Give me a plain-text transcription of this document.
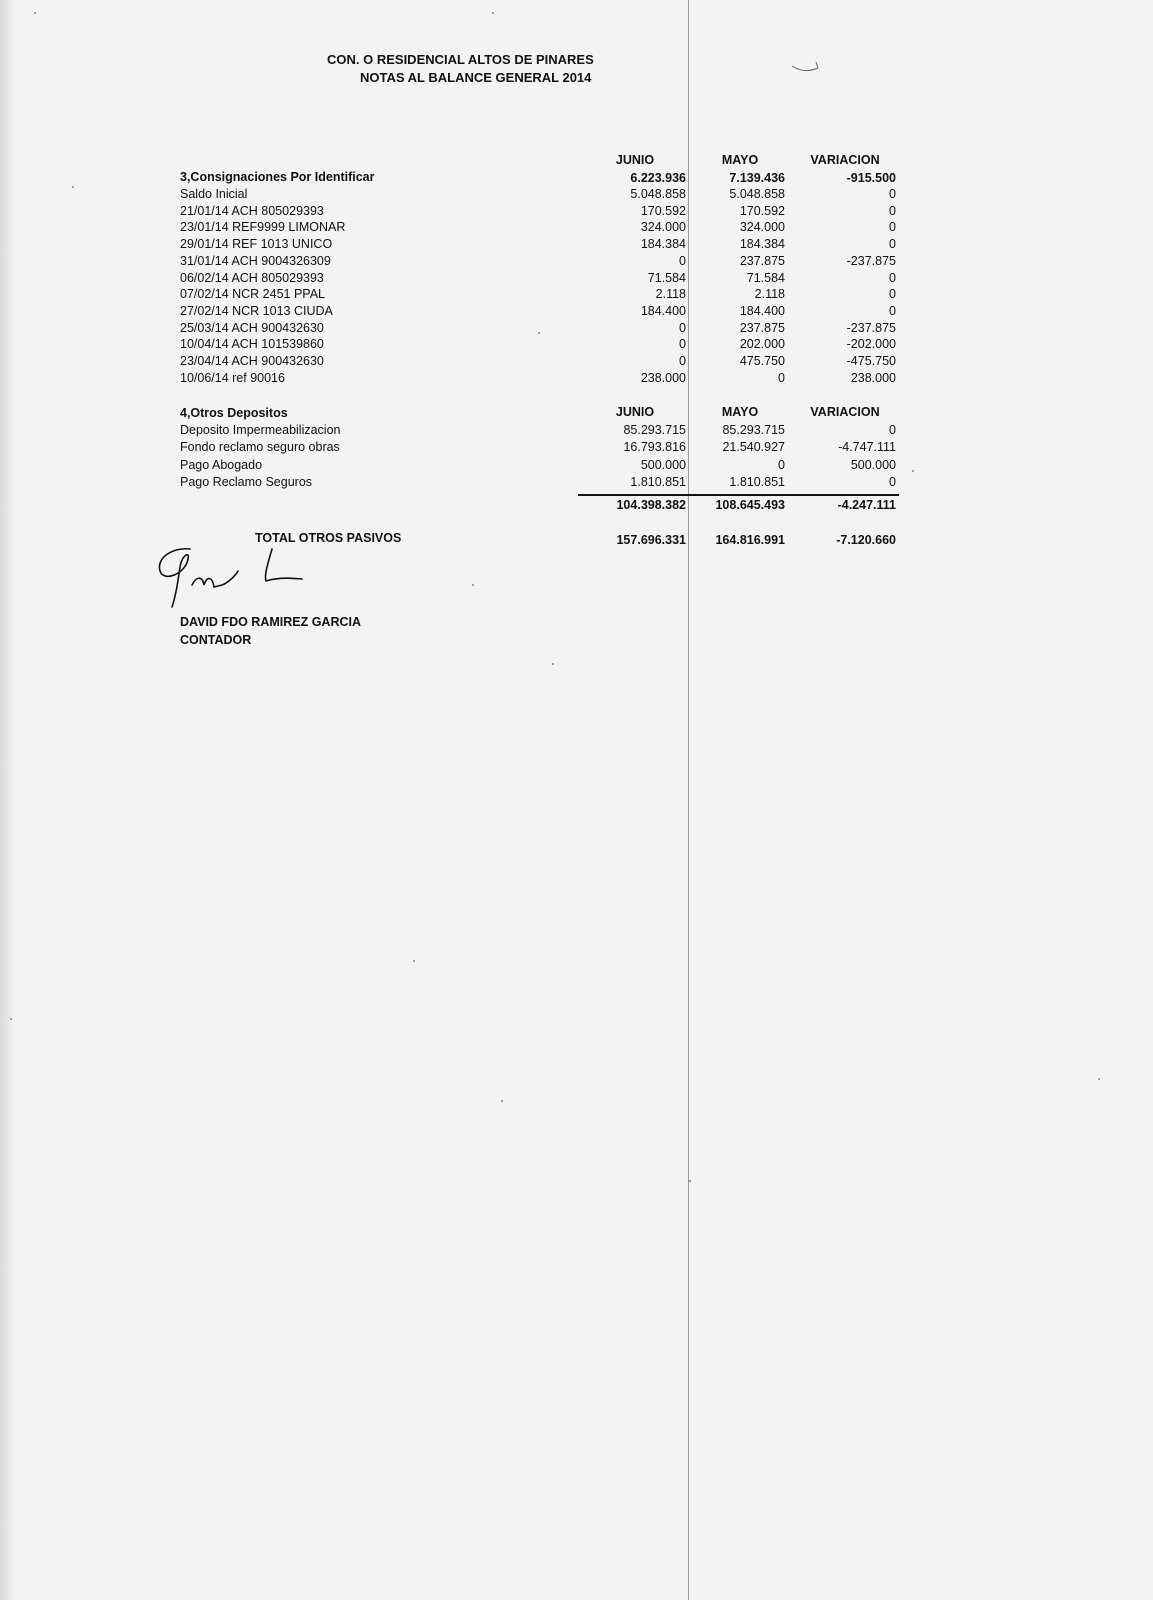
CON. O RESIDENCIAL ALTOS DE PINARES
NOTAS AL BALANCE GENERAL 2014
JUNIO	MAYO	VARIACION
3,Consignaciones Por Identificar	6.223.936	7.139.436	-915.500
Saldo Inicial	5.048.858	5.048.858	0
21/01/14 ACH 805029393	170.592	170.592	0
23/01/14 REF9999 LIMONAR	324.000	324.000	0
29/01/14 REF 1013 UNICO	184.384	184.384	0
31/01/14 ACH 9004326309	0	237.875	-237.875
06/02/14 ACH 805029393	71.584	71.584	0
07/02/14 NCR 2451 PPAL	2.118	2.118	0
27/02/14 NCR 1013 CIUDA	184.400	184.400	0
25/03/14 ACH 900432630	0	237.875	-237.875
10/04/14 ACH 101539860	0	202.000	-202.000
23/04/14 ACH 900432630	0	475.750	-475.750
10/06/14 ref 90016	238.000	0	238.000
4,Otros Depositos	JUNIO	MAYO	VARIACION
Deposito Impermeabilizacion	85.293.715	85.293.715	0
Fondo reclamo seguro obras	16.793.816	21.540.927	-4.747.111
Pago Abogado	500.000	0	500.000
Pago Reclamo Seguros	1.810.851	1.810.851	0
104.398.382	108.645.493	-4.247.111
TOTAL OTROS PASIVOS	157.696.331	164.816.991	-7.120.660
DAVID FDO RAMIREZ GARCIA
CONTADOR
